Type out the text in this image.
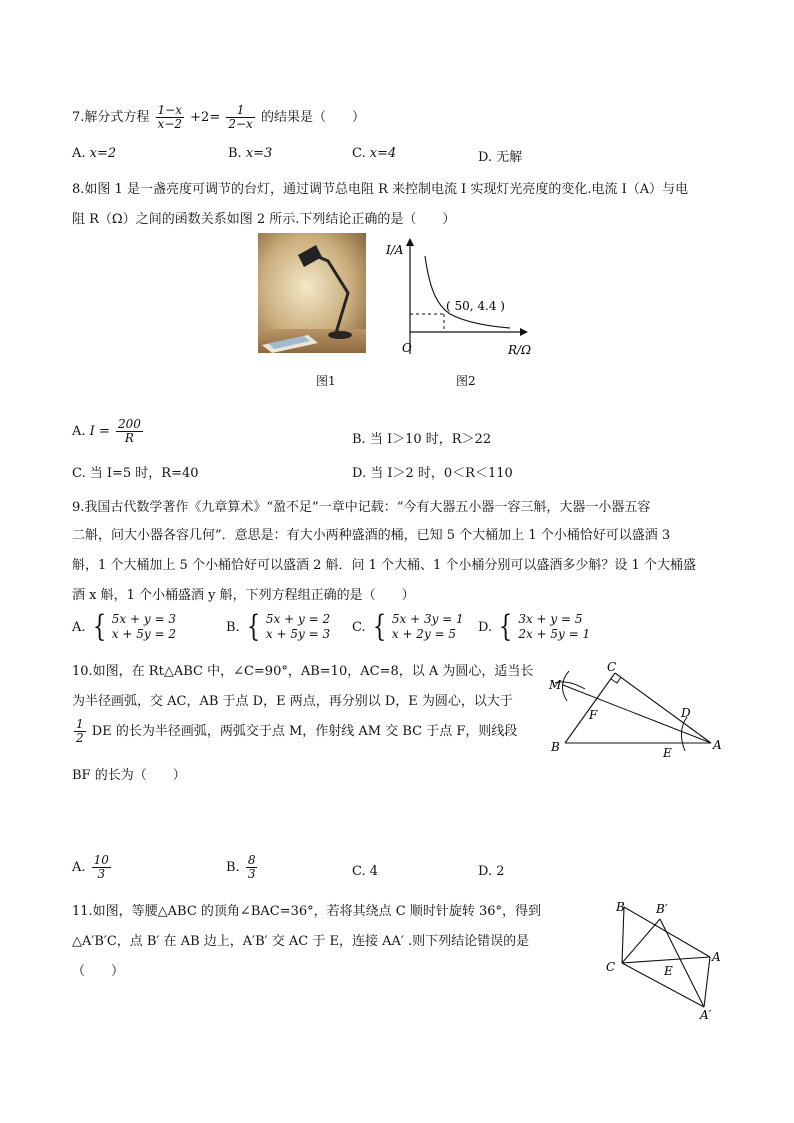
7.解分式方程 $\frac{1-x}{x-2} +2= \frac{1}{2-x}$ 的结果是（　　）
A. x=2	B. x=3	C. x=4	D. 无解
8.如图 1 是一盏亮度可调节的台灯，通过调节总电阻 R 来控制电流 I 实现灯光亮度的变化.电流 I（A）与电
阻 R（Ω）之间的函数关系如图 2 所示.下列结论正确的是（　　）
图1
I/A
R/Ω
O
( 50, 4.4 )
图2
A. $I = \frac{200}{R}$	B. 当 I＞10 时，R＞22
C. 当 I=5 时，R=40	D. 当 I＞2 时，0＜R＜110
9.我国古代数学著作《九章算术》“盈不足”一章中记载：“今有大器五小器一容三斛，大器一小器五容
二斛，问大小器各容几何”．意思是：有大小两种盛酒的桶，已知 5 个大桶加上 1 个小桶恰好可以盛酒 3
斛，1 个大桶加上 5 个小桶恰好可以盛酒 2 斛．问 1 个大桶、1 个小桶分别可以盛酒多少斛？设 1 个大桶盛
酒 x 斛，1 个小桶盛酒 y 斛，下列方程组正确的是（　　）
A.
{ 5x + y = 3
x + 5y = 2	B.
{ 5x + y = 2
x + 5y = 3 C.
{ 5x + 3y = 1
x + 2y = 5	D.
{ 3x + y = 5
2x + 5y = 1
10.如图，在 Rt△ABC 中，∠C=90°，AB=10，AC=8，以 A 为圆心，适当长
为半径画弧，交 AC，AB 于点 D，E 两点，再分别以 D，E 为圆心，以大于
$\frac{1}{2}$ DE 的长为半径画弧，两弧交于点 M，作射线 AM 交 BC 于点 F，则线段
BF 的长为（　　）
C
M
F	D
B	E
A
A. $\frac{10}{3}$	B. $\frac{8}{3}$	C. 4	D. 2
11.如图，等腰△ABC 的顶角∠BAC=36°，若将其绕点 C 顺时针旋转 36°，得到
△A′B′C，点 B′ 在 AB 边上，A′B′ 交 AC 于 E，连接 AA′ .则下列结论错误的是
（　　）
B	B′
C	E
A
A′
